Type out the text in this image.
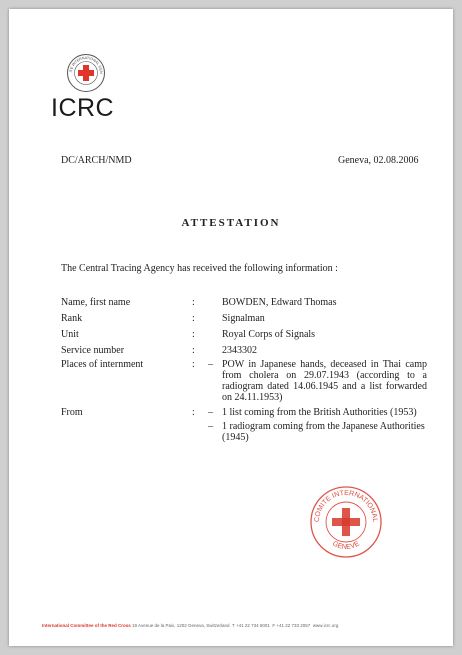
ITE INTERNATIONAL GEN
ICRC
DC/ARCH/NMD	Geneva, 02.08.2006
ATTESTATION
The Central Tracing Agency has received the following information :
Name, first name	:	BOWDEN, Edward Thomas
Rank	:	Signalman
Unit	:	Royal Corps of Signals
Service number	:	2343302
Places of internment	: – POW in Japanese hands, deceased in Thai camp from cholera on 29.07.1943 (according to a radiogram dated 14.06.1945 and a list forwarded on 24.11.1953)
From	: – 1 list coming from the British Authorities (1953)
– 1 radiogram coming from the Japanese Authorities (1945)
COMITE INTERNATIONAL
GENEVE
International Committee of the Red Cross 19 Avenue de la Paix, 1202 Geneva, Switzerland T +41 22 734 6001 F +41 22 733 2057 www.icrc.org
